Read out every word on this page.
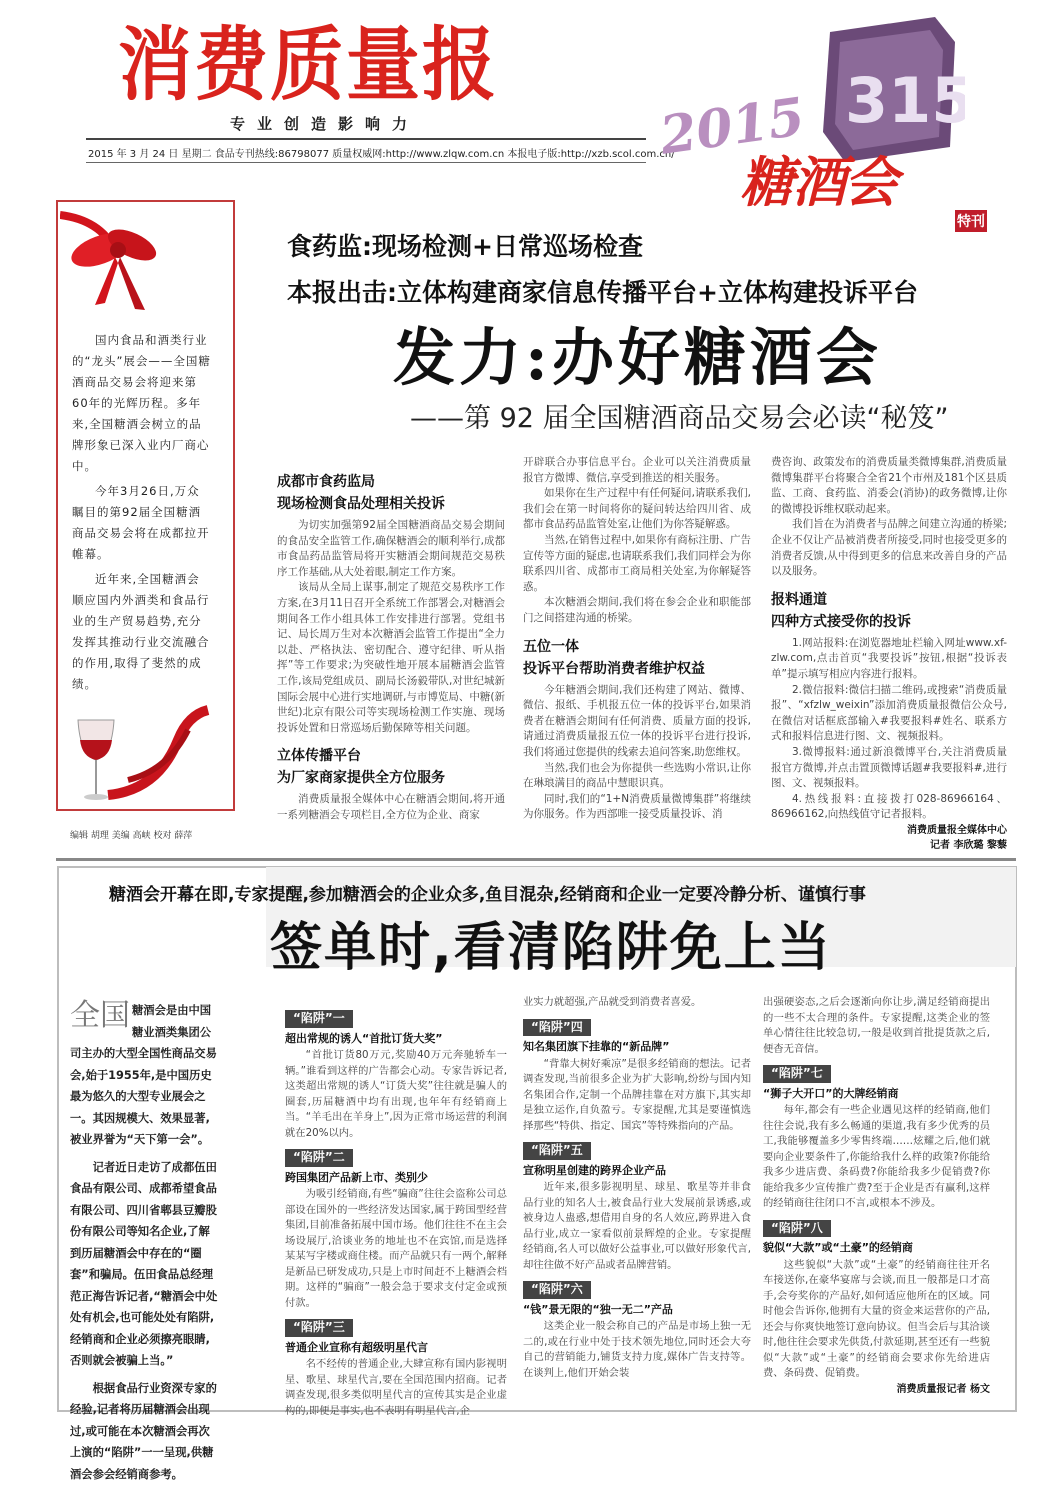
消费质量报
专业创造影响力
2015 年 3 月 24 日 星期二 食品专刊热线:86798077 质量权威网:http://www.zlqw.com.cn 本报电子版:http://xzb.scol.com.cn/
2015 315
糖酒会
特刊

国内食品和酒类行业的“龙头”展会——全国糖酒商品交易会将迎来第60年的光辉历程。多年来,全国糖酒会树立的品牌形象已深入业内厂商心中。

今年3月26日,万众瞩目的第92届全国糖酒商品交易会将在成都拉开帷幕。

近年来,全国糖酒会顺应国内外酒类和食品行业的生产贸易趋势,充分发挥其推动行业交流融合的作用,取得了斐然的成绩。

编辑 胡理 美编 高峡 校对 薛萍
食药监:现场检测+日常巡场检查
本报出击:立体构建商家信息传播平台+立体构建投诉平台
发力:办好糖酒会
——第 92 届全国糖酒商品交易会必读“秘笈”
成都市食药监局
现场检测食品处理相关投诉

为切实加强第92届全国糖酒商品交易会期间的食品安全监管工作,确保糖酒会的顺利举行,成都市食品药品监管局将开实糖酒会期间规范交易秩序工作基础,从大处着眼,制定工作方案。

该局从全局上谋事,制定了规范交易秩序工作方案,在3月11日召开全系统工作部署会,对糖酒会期间各工作小组具体工作安排进行部署。党组书记、局长周万生对本次糖酒会监管工作提出“全力以赴、严格执法、密切配合、遵守纪律、听从指挥”等工作要求;为突破性地开展本届糖酒会监管工作,该局党组成员、副局长汤毅带队,对世纪城新国际会展中心进行实地调研,与市博览局、中糖(新世纪)北京有限公司等实现场检测工作实施、现场投诉处置和日常巡场后勤保障等相关问题。

立体传播平台
为厂家商家提供全方位服务

消费质量报全媒体中心在糖酒会期间,将开通一系列糖酒会专项栏目,全方位为企业、商家

开辟联合办事信息平台。企业可以关注消费质量报官方微博、微信,享受到推送的相关服务。

如果你在生产过程中有任何疑问,请联系我们,我们会在第一时间将你的疑问转达给四川省、成都市食品药品监管处室,让他们为你答疑解惑。

当然,在销售过程中,如果你有商标注册、广告宣传等方面的疑虑,也请联系我们,我们同样会为你联系四川省、成都市工商局相关处室,为你解疑答惑。

本次糖酒会期间,我们将在参会企业和职能部门之间搭建沟通的桥梁。

五位一体
投诉平台帮助消费者维护权益

今年糖酒会期间,我们还构建了网站、微博、微信、报纸、手机报五位一体的投诉平台,如果消费者在糖酒会期间有任何消费、质量方面的投诉,请通过消费质量报五位一体的投诉平台进行投诉,我们将通过您提供的线索去追问答案,助您维权。

当然,我们也会为你提供一些选购小常识,让你在琳琅满目的商品中慧眼识真。

同时,我们的“1+N消费质量微博集群”将继续为你服务。作为西部唯一接受质量投诉、消

费咨询、政策发布的消费质量类微博集群,消费质量微博集群平台将聚合全省21个市州及181个区县质监、工商、食药监、消委会(消协)的政务微博,让你的微博投诉维权联动起来。

我们旨在为消费者与品牌之间建立沟通的桥梁;企业不仅让产品被消费者所接受,同时也接受更多的消费者反馈,从中得到更多的信息来改善自身的产品以及服务。

报料通道
四种方式接受你的投诉

1.网站报料:在浏览器地址栏输入网址www.xf-zlw.com,点击首页“我要投诉”按钮,根据“投诉表单”提示填写相应内容进行报料。

2.微信报料:微信扫描二维码,或搜索“消费质量报”、“xfzlw_weixin”添加消费质量报微信公众号,在微信对话框底部输入#我要报料#姓名、联系方式和报料信息进行图、文、视频报料。

3.微博报料:通过新浪微博平台,关注消费质量报官方微博,并点击置顶微博话题#我要报料#,进行图、文、视频报料。

4.热线报料:直接拨打028-86966164、86966162,向热线值守记者报料。

消费质量报全媒体中心
记者 李欣璐 黎藜
糖酒会开幕在即,专家提醒,参加糖酒会的企业众多,鱼目混杂,经销商和企业一定要冷静分析、谨慎行事
签单时,看清陷阱免上当

全国 糖酒会是由中国糖业酒类集团公司主办的大型全国性商品交易会,始于1955年,是中国历史最为悠久的大型专业展会之一。其因规模大、效果显著,被业界誉为“天下第一会”。

记者近日走访了成都伍田食品有限公司、成都希望食品有限公司、四川省郫县豆瓣股份有限公司等知名企业,了解到历届糖酒会中存在的“圈套”和骗局。伍田食品总经理范正海告诉记者,“糖酒会中处处有机会,也可能处处有陷阱,经销商和企业必须擦亮眼睛,否则就会被骗上当。”

根据食品行业资深专家的经验,记者将历届糖酒会出现过,或可能在本次糖酒会再次上演的“陷阱”一一呈现,供糖酒会参会经销商参考。

“陷阱”一
超出常规的诱人“首批订货大奖”

“首批订货80万元,奖励40万元奔驰轿车一辆。”谁看到这样的广告都会心动。专家告诉记者,这类超出常规的诱人“订货大奖”往往就是骗人的圈套,历届糖酒中均有出现,也年年有经销商上当。“羊毛出在羊身上”,因为正常市场运营的利润就在20%以内。

“陷阱”二
跨国集团产品新上市、类别少

为吸引经销商,有些“骗商”往往会盗称公司总部设在国外的一些经济发达国家,属于跨国型经营集团,目前准备拓展中国市场。他们往往不在主会场设展厅,洽谈业务的地址也不在宾馆,而是选择某某写字楼或商住楼。而产品就只有一两个,解释是新品已研发成功,只是上市时间赶不上糖酒会档期。这样的“骗商”一般会急于要求支付定金或预付款。

“陷阱”三
普通企业宣称有超级明星代言

名不经传的普通企业,大肆宣称有国内影视明星、歌星、球星代言,要在全国范围内招商。记者调查发现,很多类似明星代言的宣传其实是企业虚构的,即便是事实,也不表明有明星代言,企

业实力就超强,产品就受到消费者喜爱。

“陷阱”四
知名集团旗下挂靠的“新品牌”

“背靠大树好乘凉”是很多经销商的想法。记者调查发现,当前很多企业为扩大影响,纷纷与国内知名集团合作,定制一个品牌挂靠在对方旗下,其实却是独立运作,自负盈亏。专家提醒,尤其是要谨慎选择那些“特供、指定、国宾”等特殊指向的产品。

“陷阱”五
宣称明星创建的跨界企业产品

近年来,很多影视明星、球星、歌星等并非食品行业的知名人士,被食品行业大发展前景诱惑,或被身边人蛊惑,想借用自身的名人效应,跨界进入食品行业,成立一家看似前景辉煌的企业。专家提醒经销商,名人可以做好公益事业,可以做好形象代言,却往往做不好产品或者品牌营销。

“陷阱”六
“钱”景无限的“独一无二”产品

这类企业一般会称自己的产品是市场上独一无二的,或在行业中处于技术领先地位,同时还会大夸自己的营销能力,铺货支持力度,媒体广告支持等。在谈判上,他们开始会装

出强硬姿态,之后会逐渐向你让步,满足经销商提出的一些不太合理的条件。专家提醒,这类企业的签单心情往往比较急切,一般是收到首批提货款之后,便杳无音信。

“陷阱”七
“狮子大开口”的大牌经销商

每年,都会有一些企业遇见这样的经销商,他们往往会说,我有多么畅通的渠道,我有多少优秀的员工,我能够覆盖多少零售终端……炫耀之后,他们就要向企业要条件了,你能给我什么样的政策?你能给我多少进店费、条码费?你能给我多少促销费?你能给我多少宣传推广费?至于企业是否有赢利,这样的经销商往往闭口不言,或根本不涉及。

“陷阱”八
貌似“大款”或“土豪”的经销商

这些貌似“大款”或“土豪”的经销商往往开名车接送你,在豪华宴席与会谈,而且一般都是口才高手,会夸奖你的产品好,如何适应他所在的区域。同时他会告诉你,他拥有大量的资金来运营你的产品,还会与你爽快地签订意向协议。但当会后与其洽谈时,他往往会要求先供货,付款延期,甚至还有一些貌似“大款”或“土豪”的经销商会要求你先给进店费、条码费、促销费。

消费质量报记者 杨文
